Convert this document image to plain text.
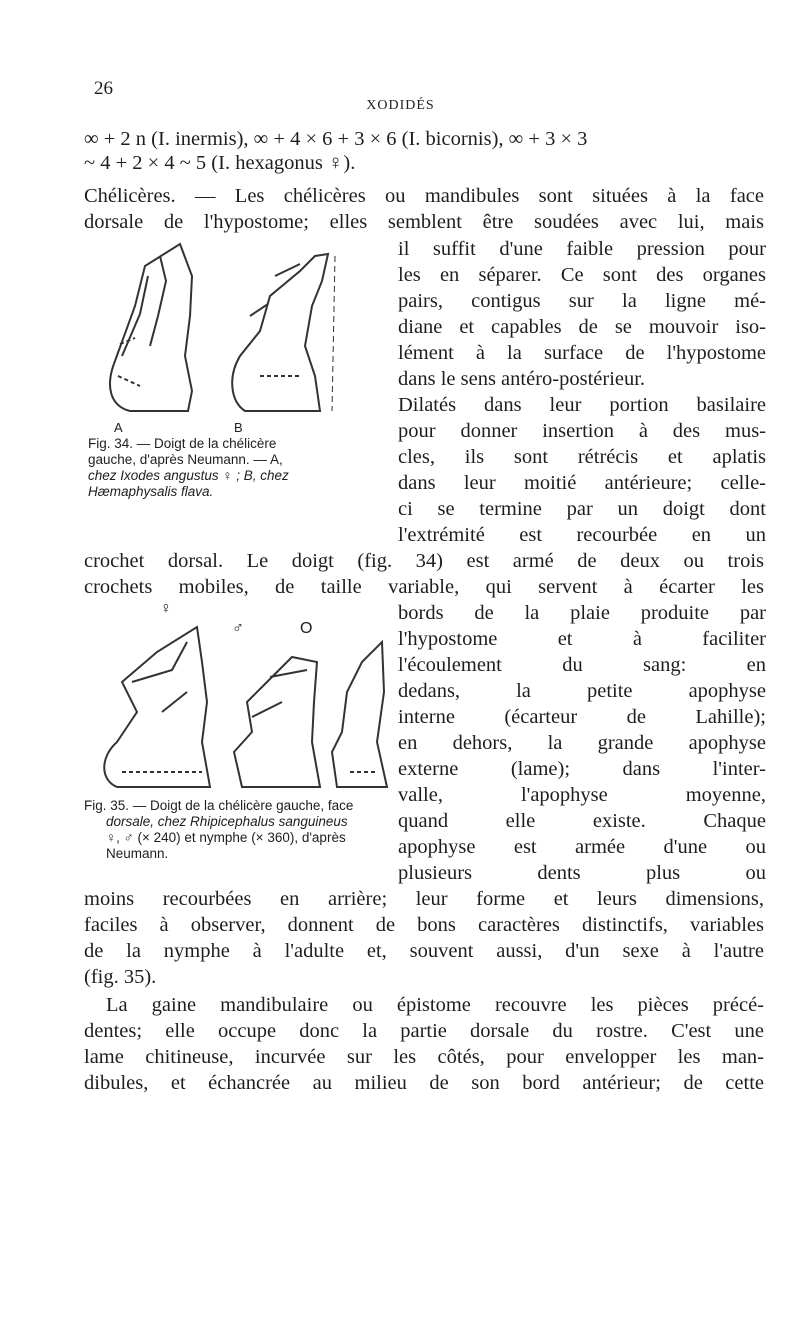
26
XODIDÉS
∞ + 2 n (I. inermis), ∞ + 4 × 6 + 3 × 6 (I. bicornis), ∞ + 3 × 3
~ 4 + 2 × 4 ~ 5 (I. hexagonus ♀).
Chélicères. — Les chélicères ou mandibules sont situées à la face
dorsale de l'hypostome; elles semblent être soudées avec lui, mais
A	B
Fig. 34. — Doigt de la chélicère
gauche, d'après Neumann. — A,
chez Ixodes angustus ♀ ; B, chez
Hæmaphysalis flava.
il suffit d'une faible pression pour
les en séparer. Ce sont des organes
pairs, contigus sur la ligne mé-
diane et capables de se mouvoir iso-
lément à la surface de l'hypostome
dans le sens antéro-postérieur.
Dilatés dans leur portion basilaire
pour donner insertion à des mus-
cles, ils sont rétrécis et aplatis
dans leur moitié antérieure; celle-
ci se termine par un doigt dont
l'extrémité est recourbée en un
crochet dorsal. Le doigt (fig. 34) est armé de deux ou trois
crochets mobiles, de taille variable, qui servent à écarter les
♀
♂	O
Fig. 35. — Doigt de la chélicère gauche, face
dorsale, chez Rhipicephalus sanguineus
♀, ♂ (× 240) et nymphe (× 360), d'après
Neumann.
bords de la plaie produite par
l'hypostome et à faciliter
l'écoulement du sang: en
dedans, la petite apophyse
interne (écarteur de Lahille);
en dehors, la grande apophyse
externe (lame); dans l'inter-
valle, l'apophyse moyenne,
quand elle existe. Chaque
apophyse est armée d'une ou
plusieurs dents plus ou
moins recourbées en arrière; leur forme et leurs dimensions,
faciles à observer, donnent de bons caractères distinctifs, variables
de la nymphe à l'adulte et, souvent aussi, d'un sexe à l'autre
(fig. 35).
La gaine mandibulaire ou épistome recouvre les pièces précé-
dentes; elle occupe donc la partie dorsale du rostre. C'est une
lame chitineuse, incurvée sur les côtés, pour envelopper les man-
dibules, et échancrée au milieu de son bord antérieur; de cette
